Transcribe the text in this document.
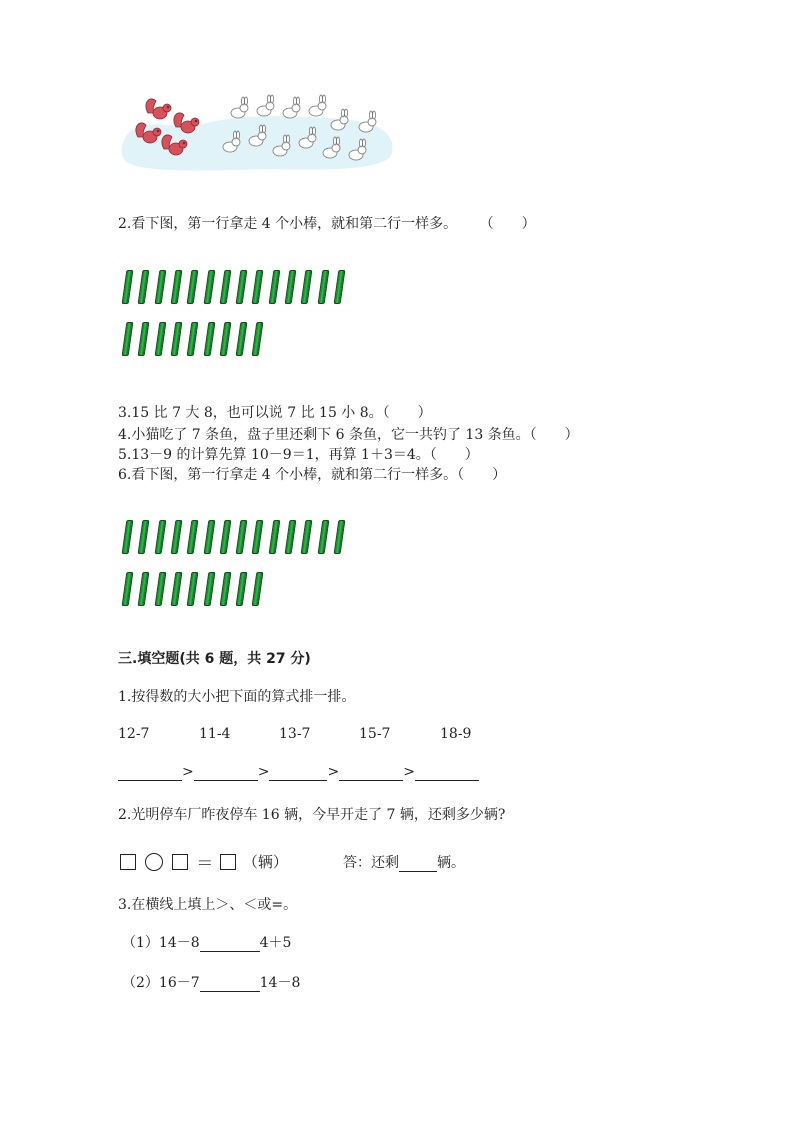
2.看下图，第一行拿走 4 个小棒，就和第二行一样多。 （　　）
3.15 比 7 大 8，也可以说 7 比 15 小 8。（　　）
4.小猫吃了 7 条鱼，盘子里还剩下 6 条鱼，它一共钓了 13 条鱼。（　　）
5.13－9 的计算先算 10－9＝1，再算 1＋3＝4。（　　）
6.看下图，第一行拿走 4 个小棒，就和第二行一样多。（　　）
三.填空题(共 6 题，共 27 分)
1.按得数的大小把下面的算式排一排。
12-7	11-4	13-7	15-7	18-9
>	>	>	>
2.光明停车厂昨夜停车 16 辆，今早开走了 7 辆，还剩多少辆?
＝ （辆）	答：还剩	辆。
3.在横线上填上＞、＜或=。
（1）14－8	4＋5
（2）16－7	14－8
